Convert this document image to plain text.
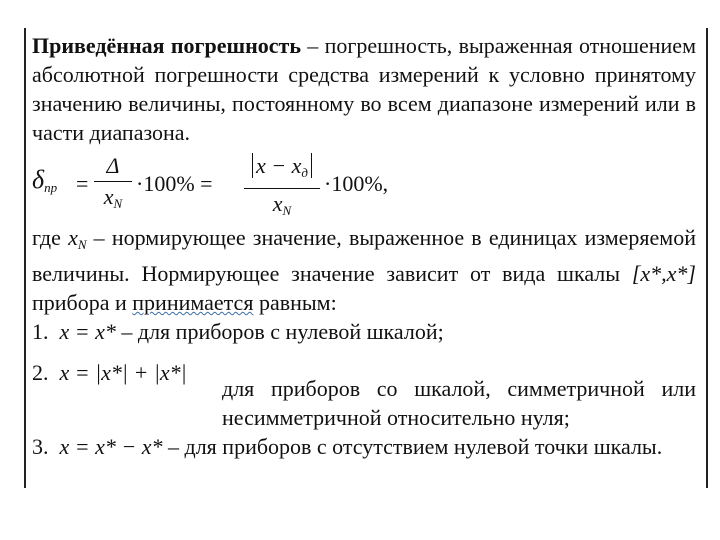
Приведённая погрешность – погрешность, выраженная отношением абсолютной погрешности средства измерений к условно принятому значению величины, постоянному во всем диапазоне измерений или в части диапазона.

$\delta_{пр}$ =
Δ
$x_N$
·100% =
$x - x_д$
$x_N$
·100%,

где $x_N$ – нормирующее значение, выраженное в единицах измеряемой величины. Нормирующее значение зависит от вида шкалы [x*,x*] прибора и принимается равным:

1. x = x* – для приборов с нулевой шкалой;

2. x = |x*| + |x*|

для приборов со шкалой, симметричной или несимметричной относительно нуля;

3. x = x* − x* – для приборов с отсутствием нулевой точки шкалы.
